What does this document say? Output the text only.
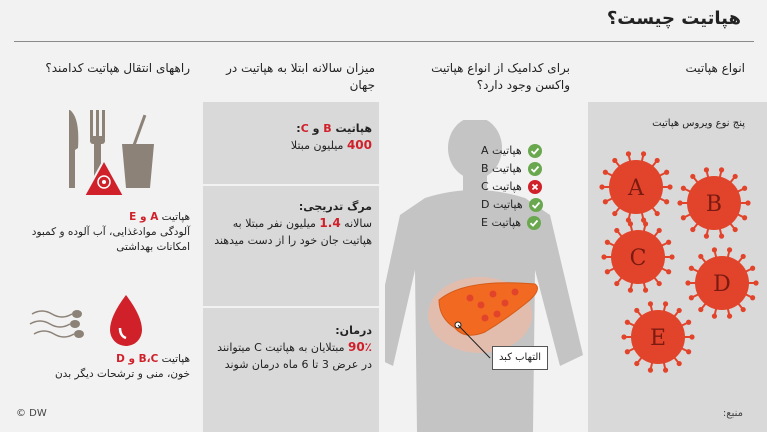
هپاتیت چیست؟
انواع هپاتیت
برای کدامیک از انواع هپاتیت واکسن وجود دارد؟
میزان سالانه ابتلا به هپاتیت در جهان
راههای انتقال هپاتیت کدامند؟
پنج نوع ویروس هپاتیت
A
B
C
D
E
هپاتیت A
هپاتیت B
هپاتیت C
هپاتیت D
هپاتیت E
التهاب کبد
هپاتیت B و C:
400 میلیون مبتلا
مرگ تدریجی:
سالانه 1.4 میلیون نفر مبتلا به هپاتیت جان خود را از دست میدهند
درمان:
90٪ مبتلایان به هپاتیت C میتوانند در عرض 3 تا 6 ماه درمان شوند
هپاتیت A و E
آلودگی موادغذایی، آب آلوده و کمبود امکانات بهداشتی
هپاتیت B،C و D
خون، منی و ترشحات دیگر بدن
© DW	منبع:
